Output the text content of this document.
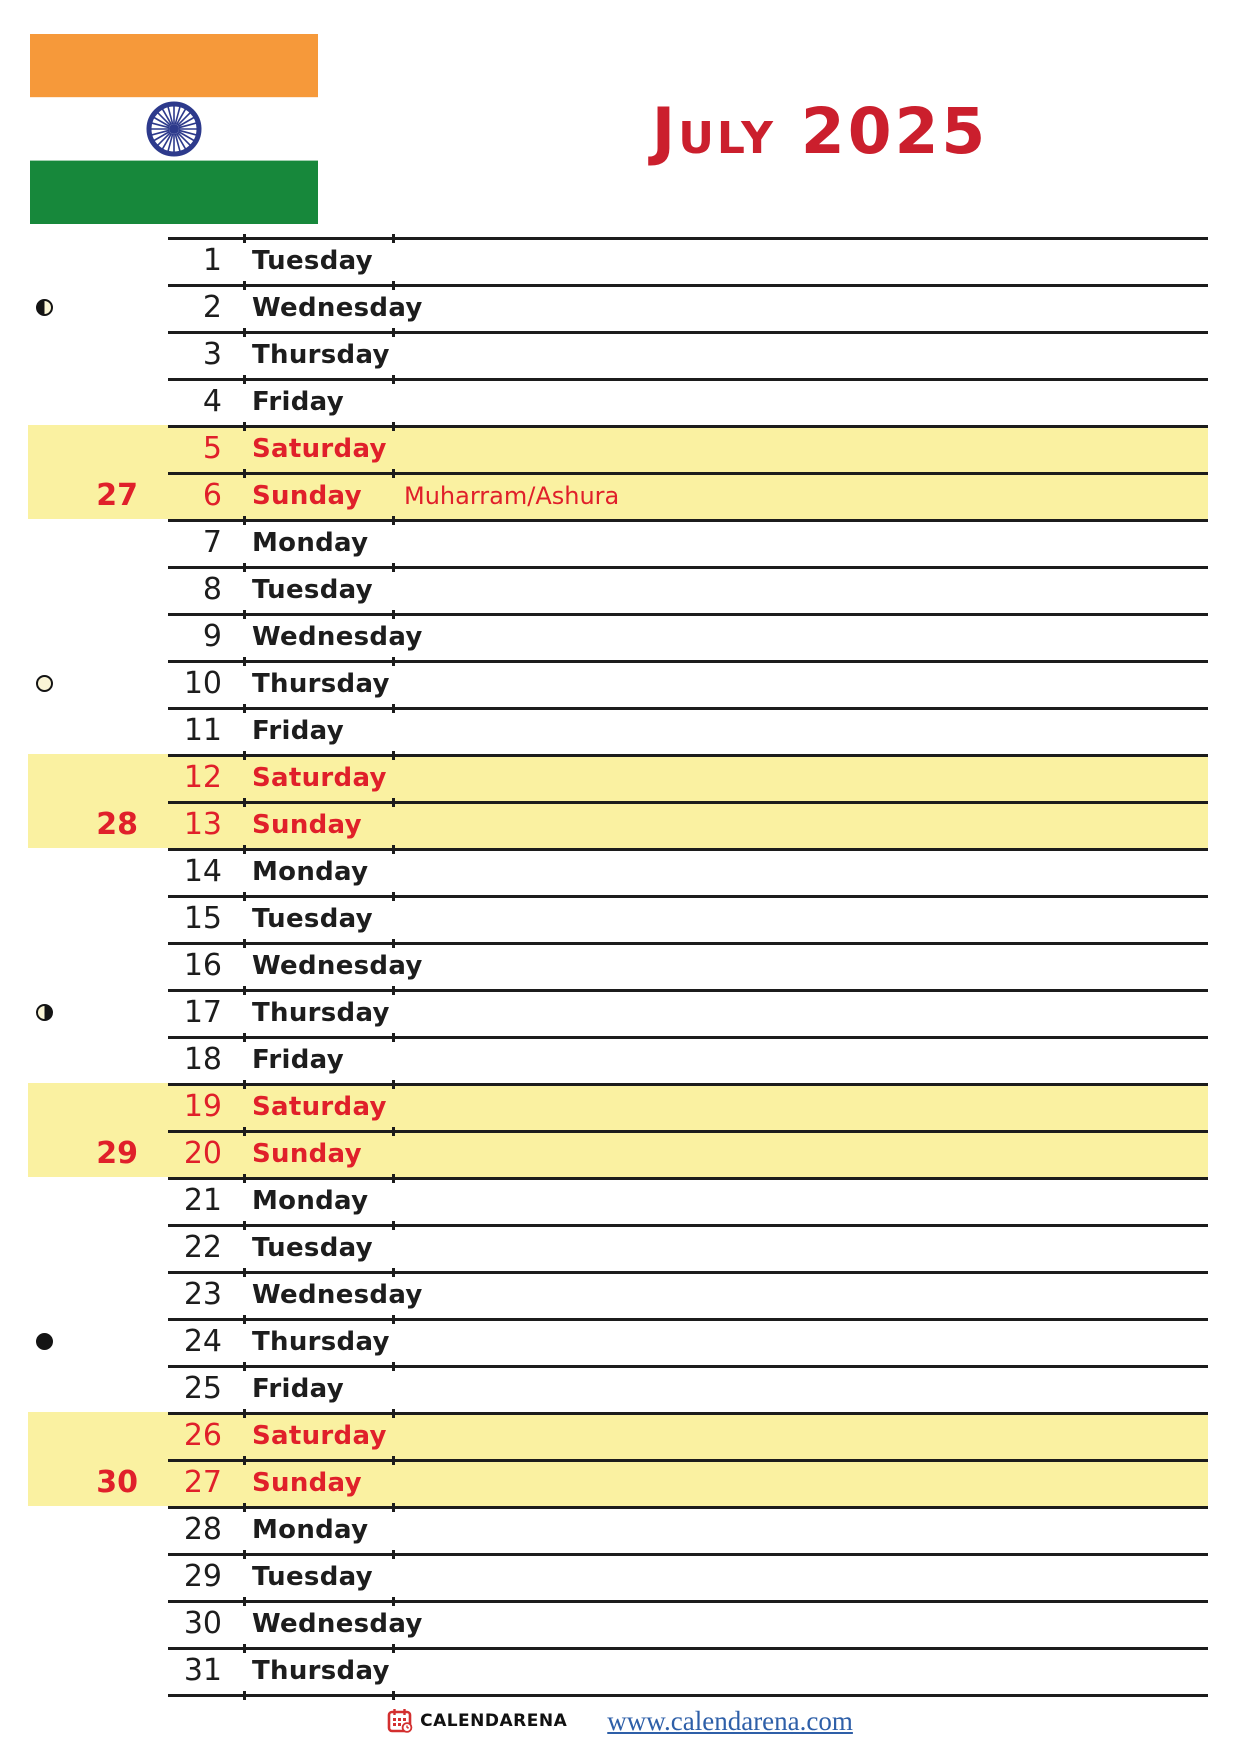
July 2025
1 Tuesday
2 Wednesday
3 Thursday
4 Friday
5 Saturday
6 Sunday Muharram/Ashura
7 Monday
8 Tuesday
9 Wednesday
10 Thursday
11 Friday
12 Saturday
13 Sunday
14 Monday
15 Tuesday
16 Wednesday
17 Thursday
18 Friday
19 Saturday
20 Sunday
21 Monday
22 Tuesday
23 Wednesday
24 Thursday
25 Friday
26 Saturday
27 Sunday
28 Monday
29 Tuesday
30 Wednesday
31 Thursday
27
28
29
30
CALENDARENA www.calendarena.com
